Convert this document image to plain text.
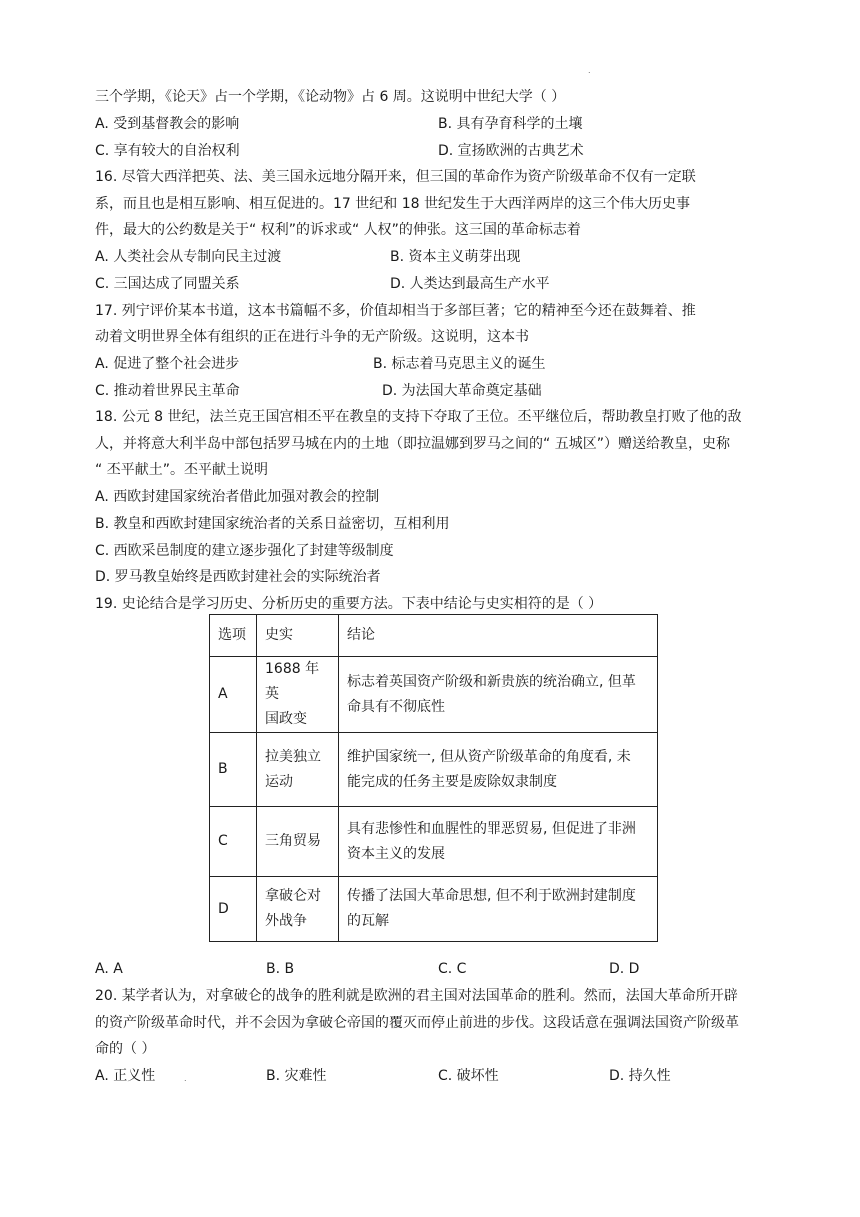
.
三个学期，《论天》占一个学期，《论动物》占 6 周。这说明中世纪大学（ ）
A. 受到基督教会的影响	B. 具有孕育科学的土壤
C. 享有较大的自治权利	D. 宣扬欧洲的古典艺术
16. 尽管大西洋把英、法、美三国永远地分隔开来，但三国的革命作为资产阶级革命不仅有一定联
系，而且也是相互影响、相互促进的。17 世纪和 18 世纪发生于大西洋两岸的这三个伟大历史事
件，最大的公约数是关于“ 权利”的诉求或“ 人权”的伸张。这三国的革命标志着
A. 人类社会从专制向民主过渡	B. 资本主义萌芽出现
C. 三国达成了同盟关系	D. 人类达到最高生产水平
17. 列宁评价某本书道，这本书篇幅不多，价值却相当于多部巨著；它的精神至今还在鼓舞着、推
动着文明世界全体有组织的正在进行斗争的无产阶级。这说明，这本书
A. 促进了整个社会进步	B. 标志着马克思主义的诞生
C. 推动着世界民主革命	D. 为法国大革命奠定基础
18. 公元 8 世纪，法兰克王国宫相丕平在教皇的支持下夺取了王位。丕平继位后，帮助教皇打败了他的敌
人，并将意大利半岛中部包括罗马城在内的土地（即拉温娜到罗马之间的“ 五城区”）赠送给教皇，史称
“ 丕平献土”。丕平献土说明
A. 西欧封建国家统治者借此加强对教会的控制
B. 教皇和西欧封建国家统治者的关系日益密切，互相利用
C. 西欧采邑制度的建立逐步强化了封建等级制度
D. 罗马教皇始终是西欧封建社会的实际统治者
19. 史论结合是学习历史、分析历史的重要方法。下表中结论与史实相符的是（ ）
选项	史实	结论
A	1688 年英
国政变	标志着英国资产阶级和新贵族的统治确立, 但革
命具有不彻底性
B	拉美独立
运动	维护国家统一, 但从资产阶级革命的角度看, 未
能完成的任务主要是废除奴隶制度
C	三角贸易	具有悲惨性和血腥性的罪恶贸易, 但促进了非洲
资本主义的发展
D	拿破仑对
外战争	传播了法国大革命思想, 但不利于欧洲封建制度
的瓦解
A. A	B. B	C. C	D. D
20. 某学者认为，对拿破仑的战争的胜利就是欧洲的君主国对法国革命的胜利。然而，法国大革命所开辟
的资产阶级革命时代，并不会因为拿破仑帝国的覆灭而停止前进的步伐。这段话意在强调法国资产阶级革
命的（ ）
A. 正义性	.	B. 灾难性	C. 破坏性	D. 持久性
